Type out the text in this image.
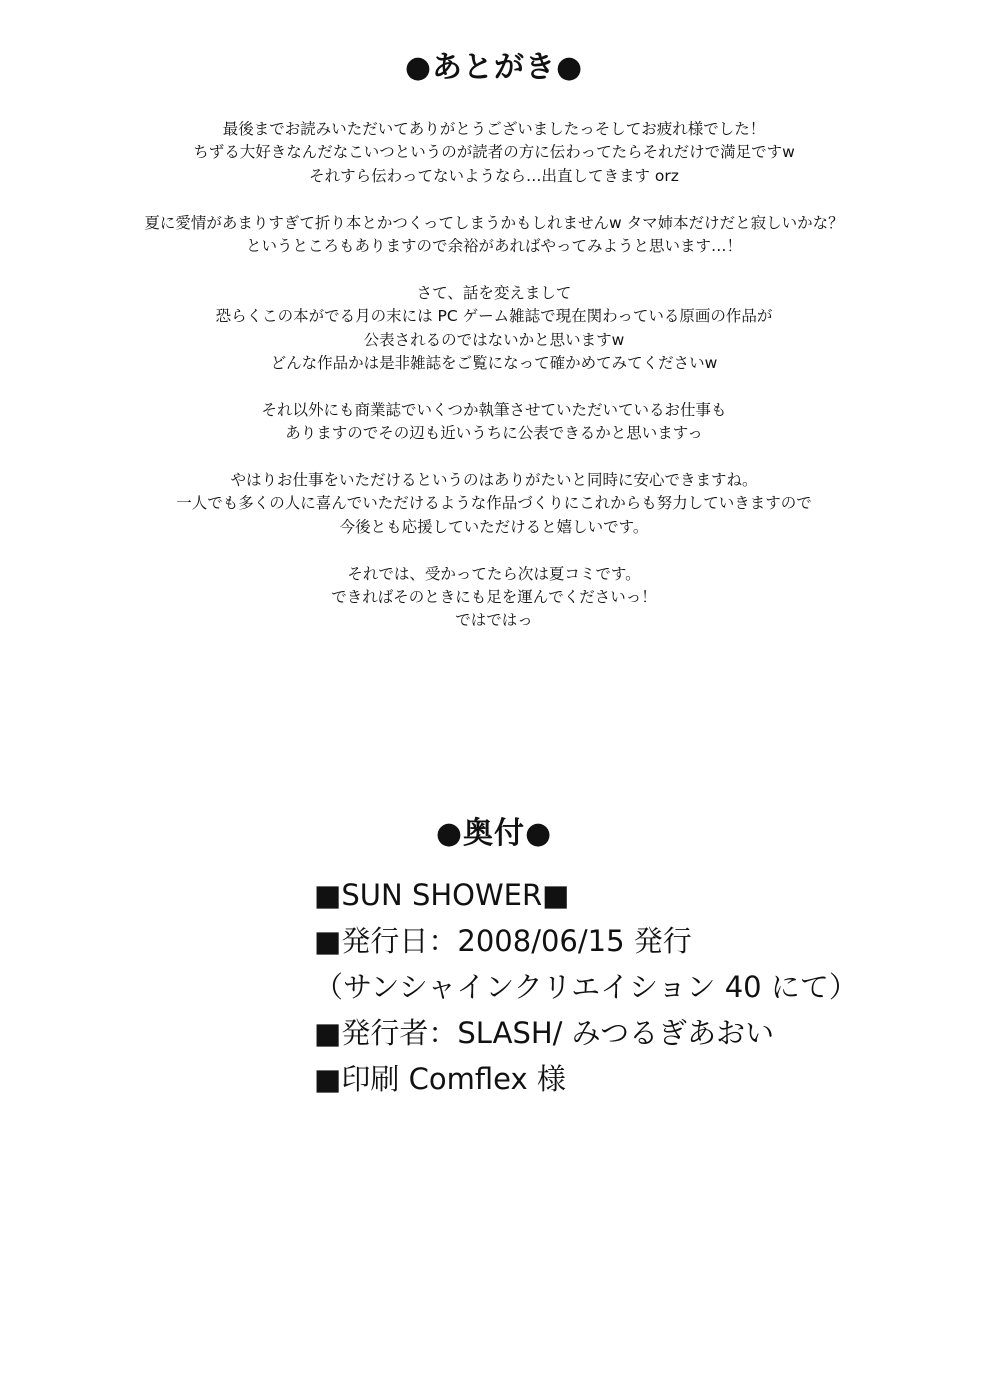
●あとがき●
最後までお読みいただいてありがとうございましたっそしてお疲れ様でした！
ちずる大好きなんだなこいつというのが読者の方に伝わってたらそれだけで満足ですw
それすら伝わってないようなら…出直してきます orz
夏に愛情があまりすぎて折り本とかつくってしまうかもしれませんw タマ姉本だけだと寂しいかな？
というところもありますので余裕があればやってみようと思います…！
さて、話を変えまして
恐らくこの本がでる月の末には PC ゲーム雑誌で現在関わっている原画の作品が
公表されるのではないかと思いますw
どんな作品かは是非雑誌をご覧になって確かめてみてくださいw
それ以外にも商業誌でいくつか執筆させていただいているお仕事も
ありますのでその辺も近いうちに公表できるかと思いますっ
やはりお仕事をいただけるというのはありがたいと同時に安心できますね。
一人でも多くの人に喜んでいただけるような作品づくりにこれからも努力していきますので
今後とも応援していただけると嬉しいです。
それでは、受かってたら次は夏コミです。
できればそのときにも足を運んでくださいっ！
ではではっ
●奥付●
■SUN SHOWER■
■発行日：2008/06/15 発行
（サンシャインクリエイション 40 にて）
■発行者：SLASH/ みつるぎあおい
■印刷 Comflex 様
